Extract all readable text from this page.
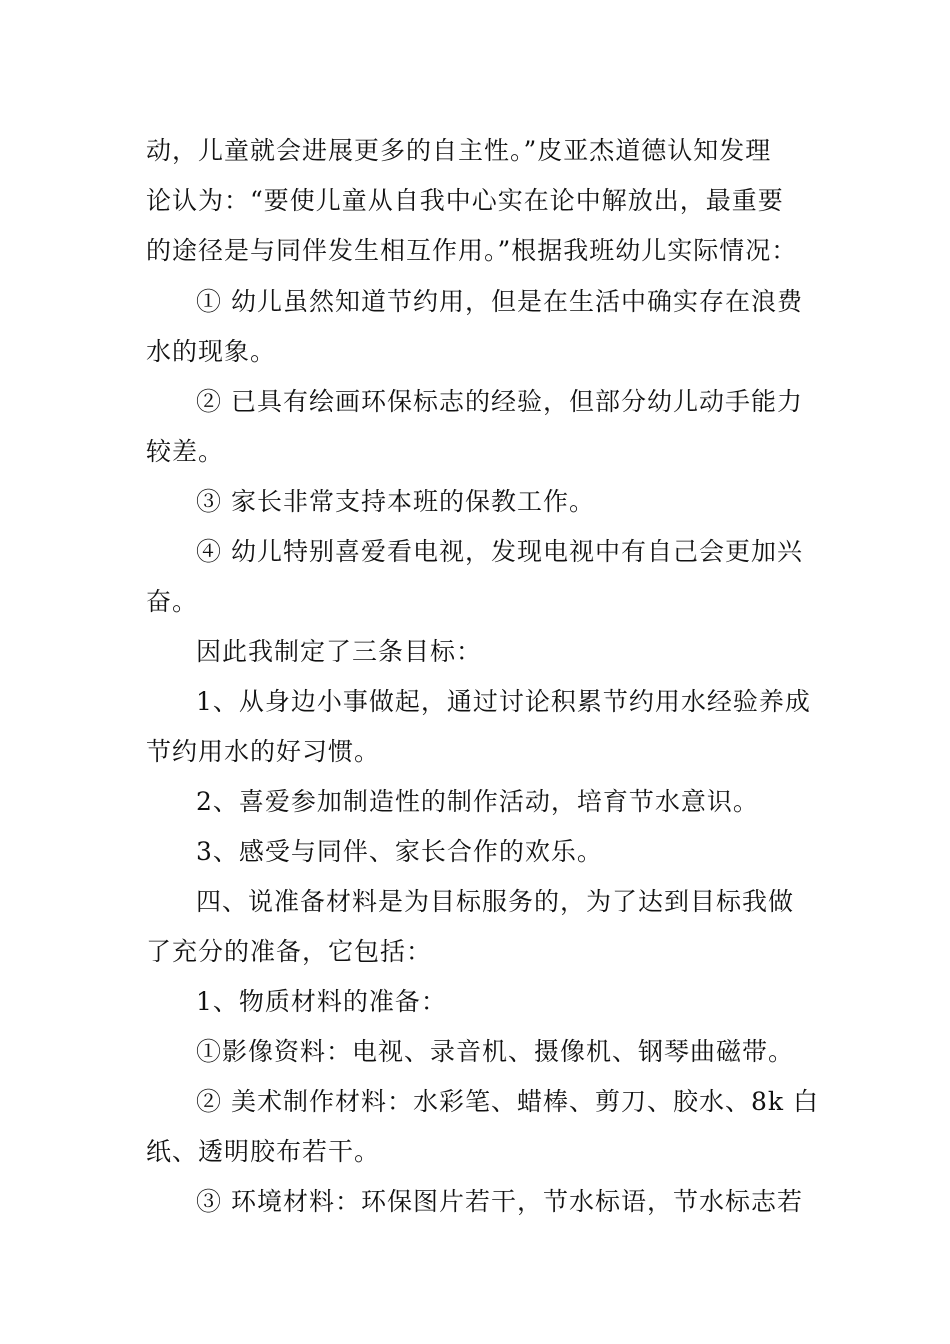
动，儿童就会进展更多的自主性。”皮亚杰道德认知发理
论认为：“要使儿童从自我中心实在论中解放出，最重要
的途径是与同伴发生相互作用。”根据我班幼儿实际情况：
① 幼儿虽然知道节约用，但是在生活中确实存在浪费
水的现象。
② 已具有绘画环保标志的经验，但部分幼儿动手能力
较差。
③ 家长非常支持本班的保教工作。
④ 幼儿特别喜爱看电视，发现电视中有自己会更加兴
奋。
因此我制定了三条目标：
1、从身边小事做起，通过讨论积累节约用水经验养成
节约用水的好习惯。
2、喜爱参加制造性的制作活动，培育节水意识。
3、感受与同伴、家长合作的欢乐。
四、说准备材料是为目标服务的，为了达到目标我做
了充分的准备，它包括：
1、物质材料的准备：
①影像资料：电视、录音机、摄像机、钢琴曲磁带。
② 美术制作材料：水彩笔、蜡棒、剪刀、胶水、8k 白
纸、透明胶布若干。
③ 环境材料：环保图片若干，节水标语，节水标志若
